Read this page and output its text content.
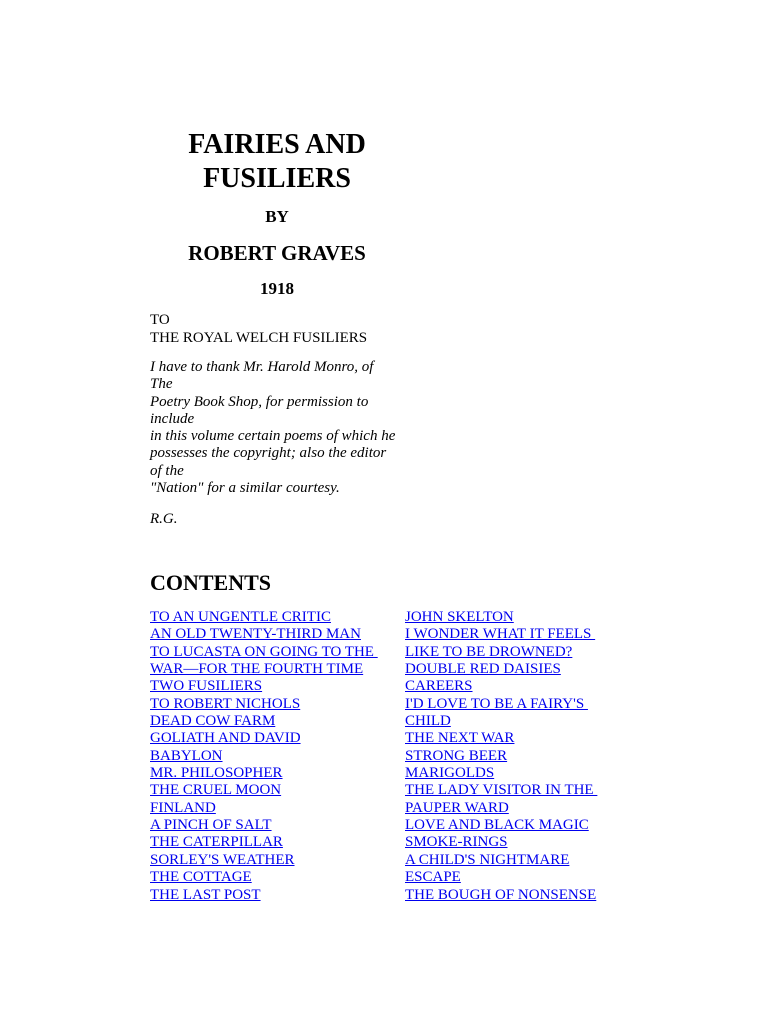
FAIRIES AND
FUSILIERS
BY
ROBERT GRAVES
1918
TO
THE ROYAL WELCH FUSILIERS
I have to thank Mr. Harold Monro, of
The
Poetry Book Shop, for permission to
include
in this volume certain poems of which he
possesses the copyright; also the editor
of the
"Nation" for a similar courtesy.
R.G.
CONTENTS
TO AN UNGENTLE CRITIC
AN OLD TWENTY-THIRD MAN
TO LUCASTA ON GOING TO THE
WAR—FOR THE FOURTH TIME
TWO FUSILIERS
TO ROBERT NICHOLS
DEAD COW FARM
GOLIATH AND DAVID
BABYLON
MR. PHILOSOPHER
THE CRUEL MOON
FINLAND
A PINCH OF SALT
THE CATERPILLAR
SORLEY'S WEATHER
THE COTTAGE
THE LAST POST
JOHN SKELTON
I WONDER WHAT IT FEELS
LIKE TO BE DROWNED?
DOUBLE RED DAISIES
CAREERS
I'D LOVE TO BE A FAIRY'S
CHILD
THE NEXT WAR
STRONG BEER
MARIGOLDS
THE LADY VISITOR IN THE
PAUPER WARD
LOVE AND BLACK MAGIC
SMOKE-RINGS
A CHILD'S NIGHTMARE
ESCAPE
THE BOUGH OF NONSENSE
